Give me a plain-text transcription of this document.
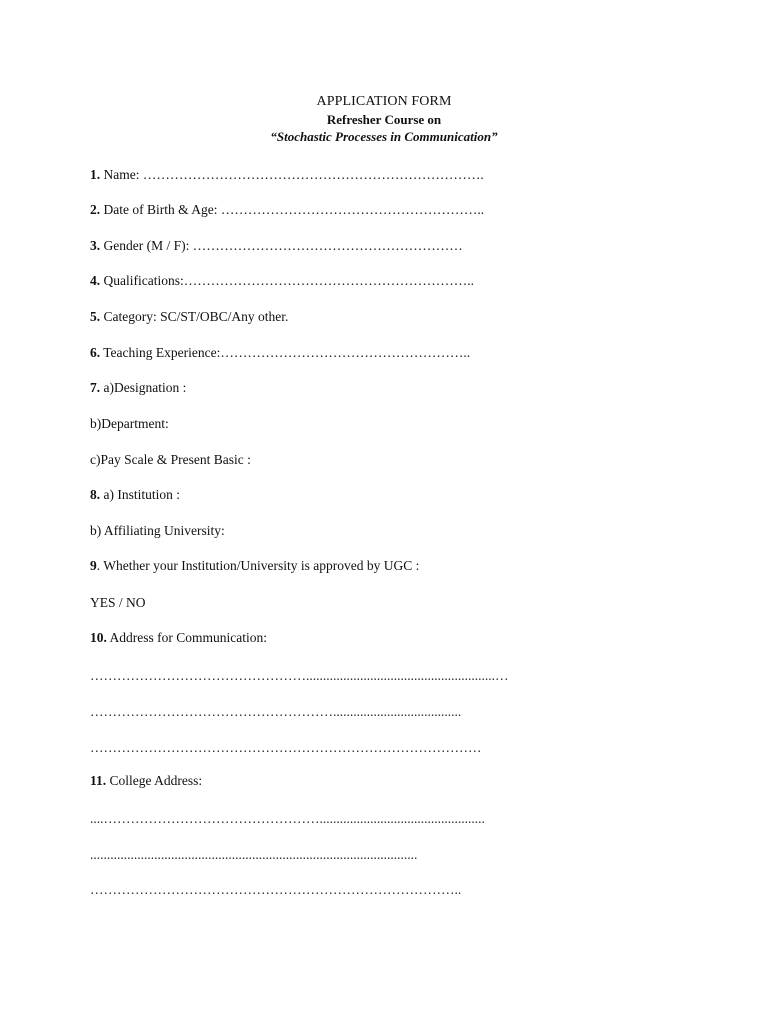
APPLICATION FORM

Refresher Course on

“Stochastic Processes in Communication”

1. Name: ………………………………………………………………….
2. Date of Birth & Age: …………………………………………………..
3. Gender (M / F): ……………………………………………………
4. Qualifications:………………………………………………………..
5. Category: SC/ST/OBC/Any other.
6. Teaching Experience:………………………………………………..
7. a)Designation :
b)Department:
c)Pay Scale & Present Basic :
8. a) Institution :
b) Affiliating University:
9. Whether your Institution/University is approved by UGC :
YES / NO
10. Address for Communication:
…………………………………………........................................................…
………………………………………………......................................
……………………………………………………………………………
11. College Address:
....………………………………………….................................................
.................................................................................................
………………………………………………………………………..
